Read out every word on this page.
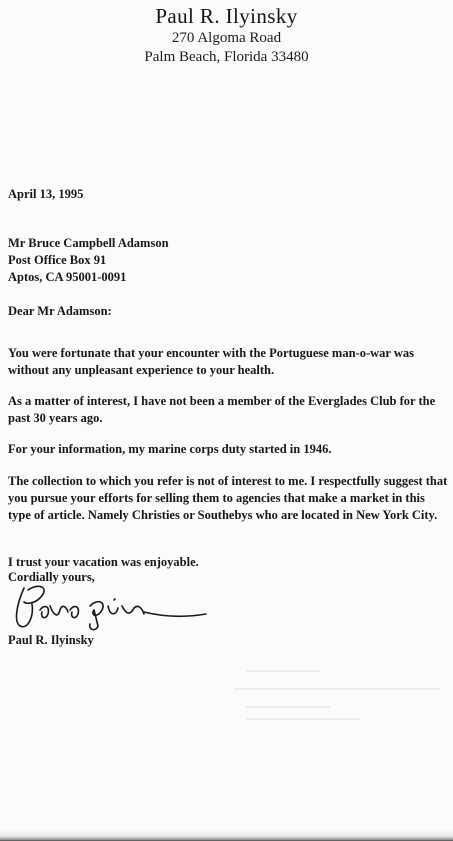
Paul R. Ilyinsky
270 Algoma Road
Palm Beach, Florida 33480
April 13, 1995
Mr Bruce Campbell Adamson
Post Office Box 91
Aptos, CA 95001-0091
Dear Mr Adamson:

You were fortunate that your encounter with the Portuguese man-o-war was without any unpleasant experience to your health.

As a matter of interest, I have not been a member of the Everglades Club for the past 30 years ago.

For your information, my marine corps duty started in 1946.

The collection to which you refer is not of interest to me. I respectfully suggest that you pursue your efforts for selling them to agencies that make a market in this type of article. Namely Christies or Southebys who are located in New York City.

I trust your vacation was enjoyable.

Cordially yours,
Paul R. Ilyinsky
